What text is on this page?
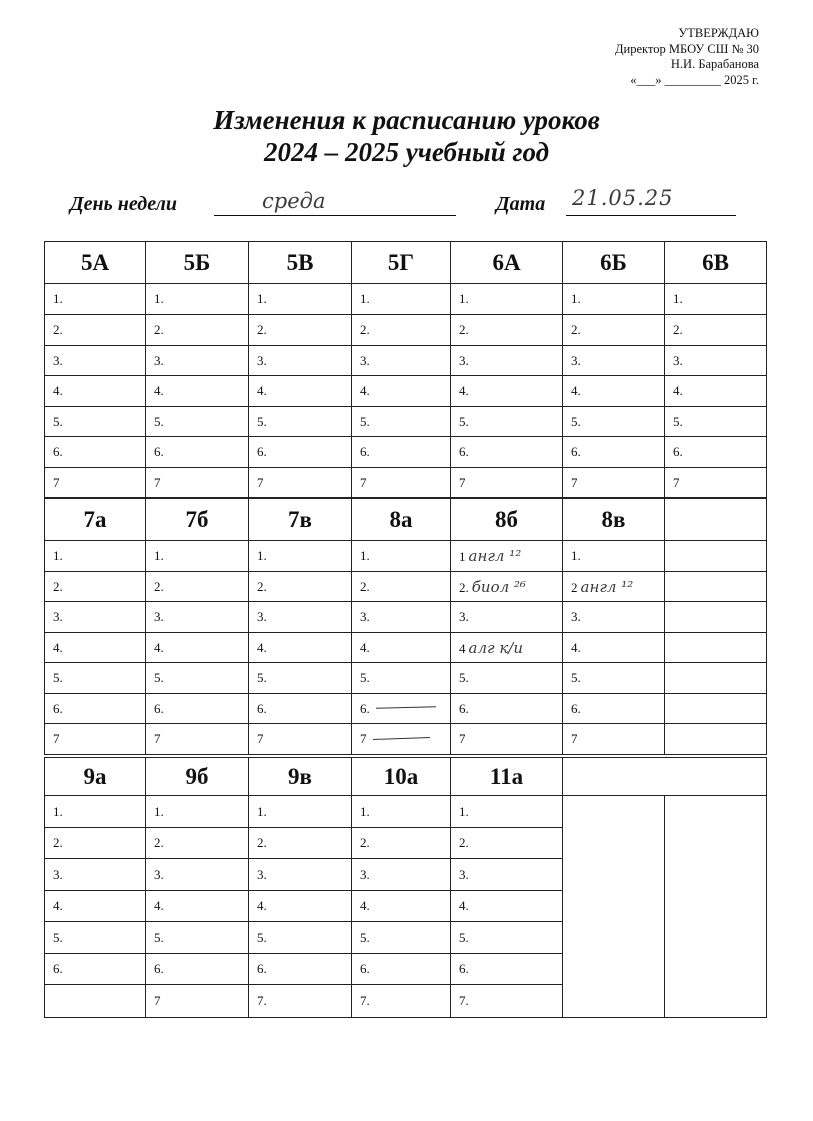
УТВЕРЖДАЮ
Директор МБОУ СШ № 30
Н.И. Барабанова
«___» _________ 2025 г.
Изменения к расписанию уроков
2024 – 2025 учебный год
День недели	среда	Дата 21.05.25
5А	5Б	5В	5Г	6А	6Б	6В
1.	1.	1.	1.	1.	1.	1.
2.	2.	2.	2.	2.	2.	2.
3.	3.	3.	3.	3.	3.	3.
4.	4.	4.	4.	4.	4.	4.
5.	5.	5.	5.	5.	5.	5.
6.	6.	6.	6.	6.	6.	6.
7	7	7	7	7	7	7
7а	7б	7в	8а	8б	8в	
1.	1.	1.	1.	1 англ ¹²	1.	
2.	2.	2.	2.	2. биол ²⁶	2 англ ¹²	
3.	3.	3.	3.	3.	3.	
4.	4.	4.	4.	4 алг к/и	4.	
5.	5.	5.	5.	5.	5.	
6.	6.	6.	6.	6.	6.	
7	7	7	7	7	7	
9а	9б	9в	10а	11а		
1.	1.	1.	1.	1.		
2.	2.	2.	2.	2.		
3.	3.	3.	3.	3.		
4.	4.	4.	4.	4.		
5.	5.	5.	5.	5.		
6.	6.	6.	6.	6.		
	7	7.	7.	7.		
